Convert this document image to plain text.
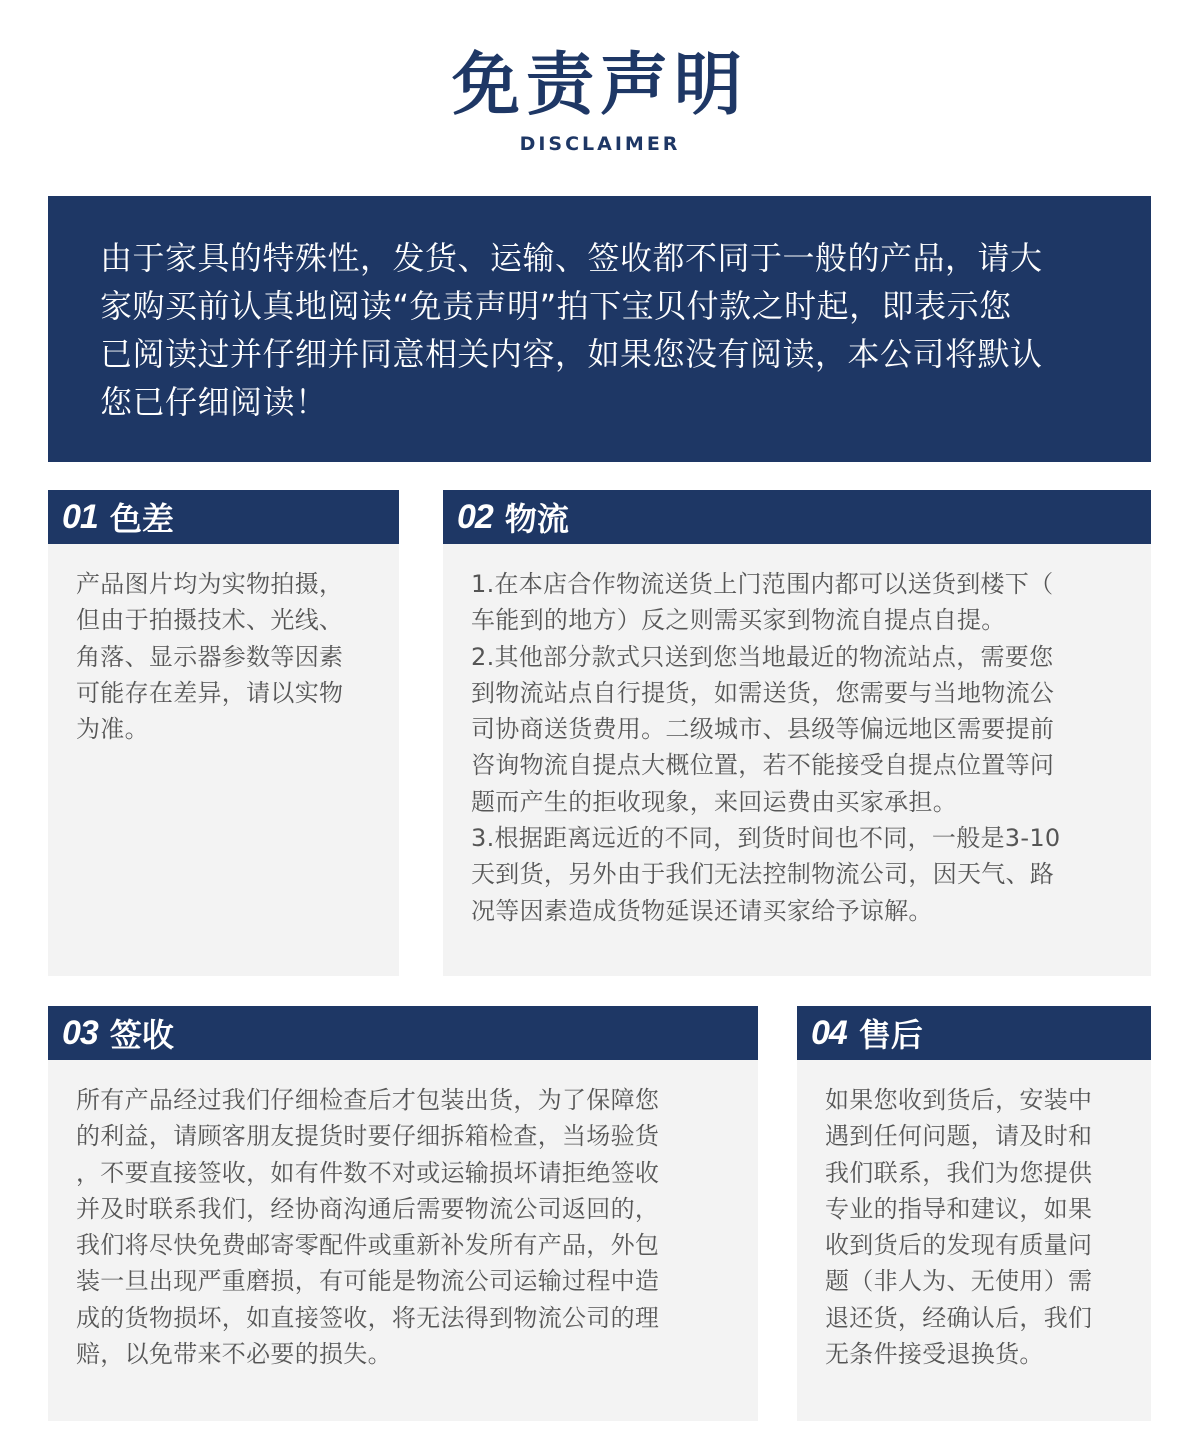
免责声明
DISCLAIMER

由于家具的特殊性，发货、运输、签收都不同于一般的产品，请大

家购买前认真地阅读“免责声明”拍下宝贝付款之时起，即表示您

已阅读过并仔细并同意相关内容，如果您没有阅读，本公司将默认

您已仔细阅读！

01 色差

产品图片均为实物拍摄，

但由于拍摄技术、光线、

角落、显示器参数等因素

可能存在差异，请以实物

为准。

02 物流

1.在本店合作物流送货上门范围内都可以送货到楼下（

车能到的地方）反之则需买家到物流自提点自提。

2.其他部分款式只送到您当地最近的物流站点，需要您

到物流站点自行提货，如需送货，您需要与当地物流公

司协商送货费用。二级城市、县级等偏远地区需要提前

咨询物流自提点大概位置，若不能接受自提点位置等问

题而产生的拒收现象，来回运费由买家承担。

3.根据距离远近的不同，到货时间也不同，一般是3-10

天到货，另外由于我们无法控制物流公司，因天气、路

况等因素造成货物延误还请买家给予谅解。

03 签收

所有产品经过我们仔细检查后才包装出货，为了保障您

的利益，请顾客朋友提货时要仔细拆箱检查，当场验货

，不要直接签收，如有件数不对或运输损坏请拒绝签收

并及时联系我们，经协商沟通后需要物流公司返回的，

我们将尽快免费邮寄零配件或重新补发所有产品，外包

装一旦出现严重磨损，有可能是物流公司运输过程中造

成的货物损坏，如直接签收，将无法得到物流公司的理

赔，以免带来不必要的损失。

04 售后

如果您收到货后，安装中

遇到任何问题，请及时和

我们联系，我们为您提供

专业的指导和建议，如果

收到货后的发现有质量问

题（非人为、无使用）需

退还货，经确认后，我们

无条件接受退换货。
